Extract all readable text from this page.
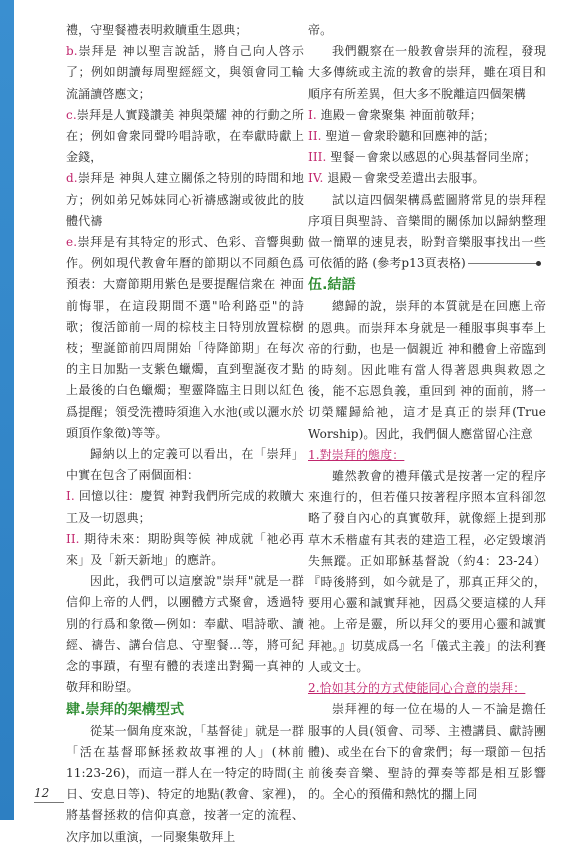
禮，守聖餐禮表明救贖重生恩典；

b.崇拜是 神以聖言說話，將自己向人啓示了；例如朗讀每周聖經經文，與領會同工輪流誦讀啓應文；

c.崇拜是人實踐讚美 神與榮耀 神的行動之所在；例如會衆同聲吟唱詩歌，在奉獻時獻上金錢，

d.崇拜是 神與人建立關係之特別的時間和地方；例如弟兄姊妹同心祈禱感謝或彼此的肢體代禱

e.崇拜是有其特定的形式、色彩、音響與動作。例如現代教會年曆的節期以不同顏色爲預表：大齋節期用紫色是要提醒信衆在 神面前悔罪，在這段期間不選"哈利路亞"的詩歌；復活節前一周的棕枝主日特別放置棕樹枝；聖誕節前四周開始「待降節期」在每次的主日加點一支紫色蠟燭，直到聖誕夜才點上最後的白色蠟燭；聖靈降臨主日則以紅色爲提醒；領受洗禮時須進入水池(或以灑水於頭頂作象徵)等等。

歸納以上的定義可以看出，在「崇拜」中實在包含了兩個面相：

I. 回憶以往：慶賀 神對我們所完成的救贖大工及一切恩典；

II. 期待未來：期盼與等候 神成就「祂必再來」及「新天新地」的應許。

因此，我們可以這麼說"崇拜"就是一群信仰上帝的人們，以團體方式聚會，透過特別的行爲和象徵—例如：奉獻、唱詩歌、讀經、禱告、講台信息、守聖餐…等，將可紀念的事蹟，有聖有體的表達出對獨一真神的敬拜和盼望。

肆.崇拜的架構型式

從某一個角度來說，「基督徒」就是一群「活在基督耶穌拯救故事裡的人」(林前11:23-26)，而這一群人在一特定的時間(主日、安息日等)、特定的地點(教會、家裡)，將基督拯救的信仰真意，按著一定的流程、次序加以重演，一同聚集敬拜上

帝。

我們觀察在一般教會崇拜的流程，發現大多傳統或主流的教會的崇拜，雖在項目和順序有所差異，但大多不脫離這四個架構

I. 進殿－會衆聚集 神面前敬拜；

II. 聖道－會衆聆聽和回應神的話；

III. 聖餐－會衆以感恩的心與基督同坐席；

IV. 退殿－會衆受差遣出去服事。

試以這四個架構爲藍圖將常見的崇拜程序項目與聖詩、音樂間的關係加以歸納整理做一簡單的速見表，盼對音樂服事找出一些可依循的路 (參考p13頁表格)

伍.結語

總歸的說，崇拜的本質就是在回應上帝的恩典。而崇拜本身就是一種服事與事奉上帝的行動，也是一個親近 神和體會上帝臨到的時刻。因此唯有當人得著恩典與救恩之後，能不忘恩負義，重回到 神的面前，將一切榮耀歸給祂，這才是真正的崇拜(True Worship)。因此，我們個人應當留心注意

1.對崇拜的態度：

雖然教會的禮拜儀式是按著一定的程序來進行的，但若僅只按著程序照本宣科卻忽略了發自內心的真實敬拜，就像經上提到那草木禾楷虛有其表的建造工程，必定毀壞消失無蹤。正如耶穌基督說（約4：23-24）『時後將到，如今就是了，那真正拜父的，要用心靈和誠實拜祂，因爲父要這樣的人拜祂。上帝是靈，所以拜父的要用心靈和誠實拜祂。』切莫成爲一名「儀式主義」的法利賽人或文士。

2.恰如其分的方式使能同心合意的崇拜：

崇拜裡的每一位在場的人－不論是擔任服事的人員(領會、司琴、主禮講員、獻詩團體)、或坐在台下的會衆們；每一環節－包括前後奏音樂、聖詩的彈奏等都是相互影響的。全心的預備和熱忱的擱上同

12
